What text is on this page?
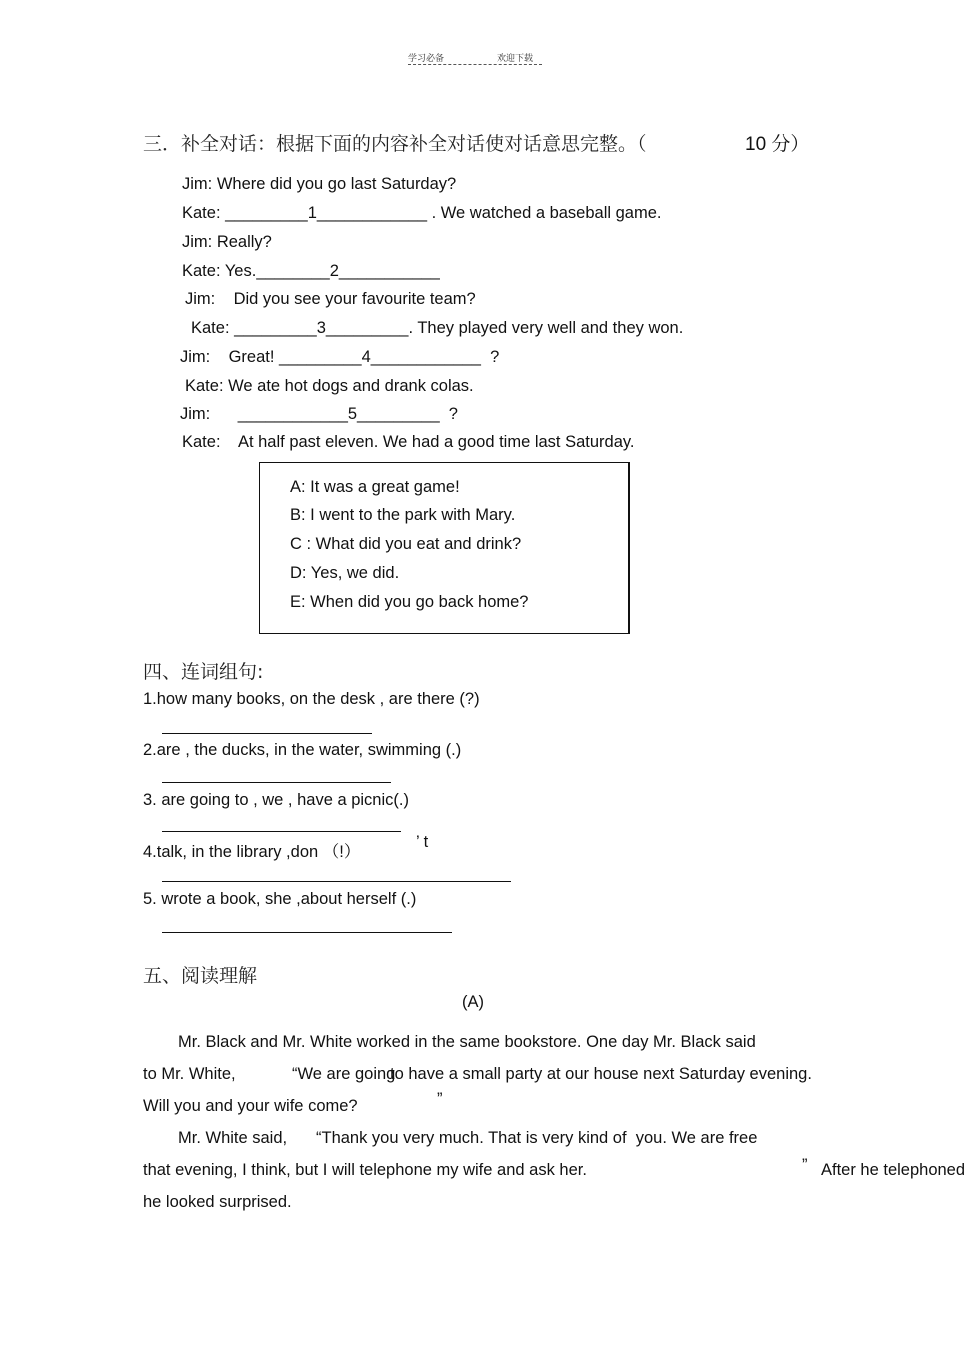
学习必备	欢迎下载
三．补全对话：根据下面的内容补全对话使对话意思完整。（	10 分）
Jim: Where did you go last Saturday?
Kate: _________1____________ . We watched a baseball game.
Jim: Really?
Kate: Yes.________2___________
Jim:    Did you see your favourite team?
Kate: _________3_________. They played very well and they won.
Jim:    Great! _________4____________  ?
Kate: We ate hot dogs and drank colas.
Jim:      ____________5_________  ?
Kate:    At half past eleven. We had a good time last Saturday.
A: It was a great game!
B: I went to the park with Mary.
C : What did you eat and drink?
D: Yes, we did.
E: When did you go back home?
四、连词组句:
1.how many books, on the desk , are there (?)
2.are , the ducks, in the water, swimming (.)
3. are going to , we , have a picnic(.)
4.talk, in the library ,don （!）
’ t
5. wrote a book, she ,about herself (.)
五、阅读理解
(A)
Mr. Black and Mr. White worked in the same bookstore. One day Mr. Black said
to Mr. White,	“We are going
to have a small party at our house next Saturday evening.
Will you and your wife come?	”
Mr. White said, “Thank you very much. That is very kind of  you. We are free
that evening, I think, but I will telephone my wife and ask her.	” After he telephoned
he looked surprised.
